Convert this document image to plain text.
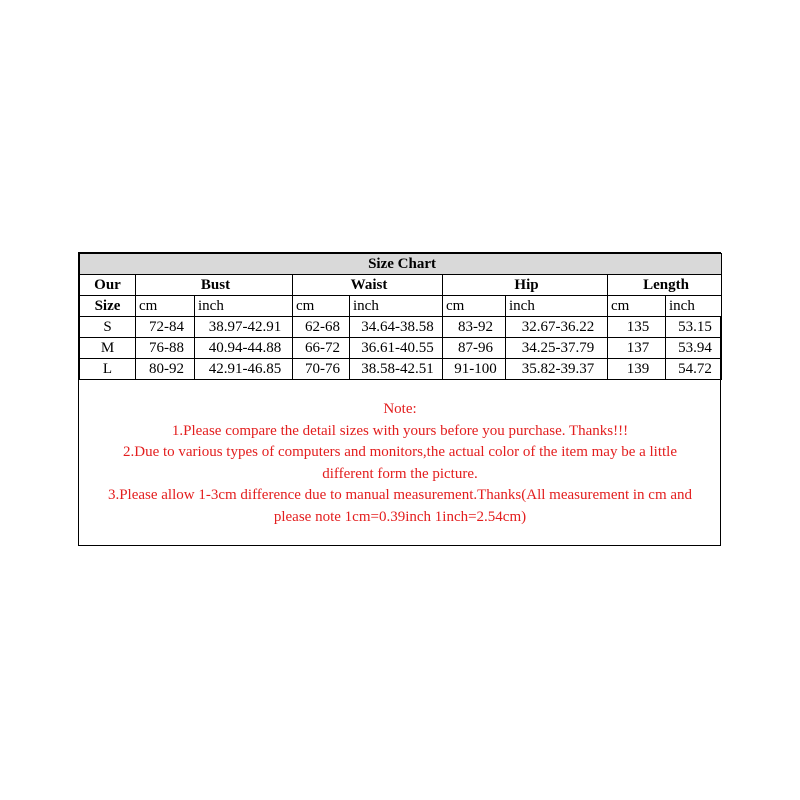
Size Chart								
Our	Bust		Waist		Hip		Length	
Size	cm	inch	cm	inch	cm	inch	cm	inch
S	72-84	38.97-42.91	62-68	34.64-38.58	83-92	32.67-36.22	135	53.15
M	76-88	40.94-44.88	66-72	36.61-40.55	87-96	34.25-37.79	137	53.94
L	80-92	42.91-46.85	70-76	38.58-42.51	91-100	35.82-39.37	139	54.72
Note:
1.Please compare the detail sizes with yours before you purchase. Thanks!!!
2.Due to various types of computers and monitors,the actual color of the item may be a little
different form the picture.
3.Please allow 1-3cm difference due to manual measurement.Thanks(All measurement in cm and
please note 1cm=0.39inch 1inch=2.54cm)
